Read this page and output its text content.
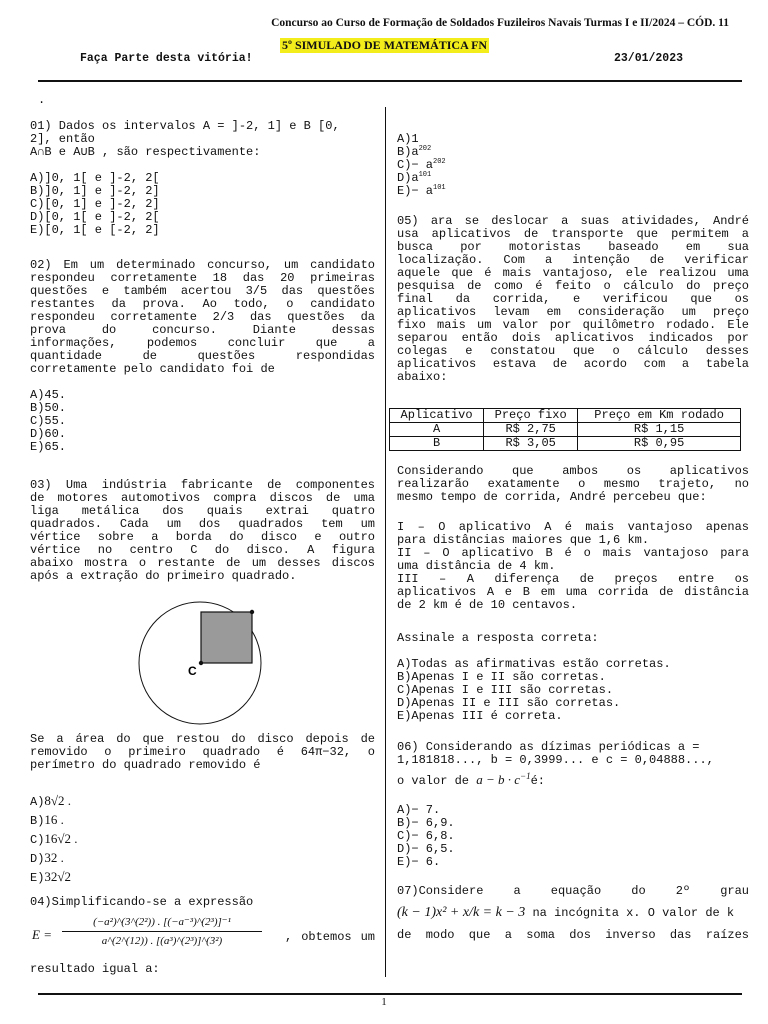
Concurso ao Curso de Formação de Soldados Fuzileiros Navais Turmas I e II/2024 – CÓD. 11
5º SIMULADO DE MATEMÁTICA FN
Faça Parte desta vitória!	23/01/2023
.

01) Dados os intervalos A = ]-2, 1] e B [0,

2], então

A∩B e A∪B , são respectivamente:

A)]0, 1[ e ]-2, 2[

B)]0, 1] e ]-2, 2]

C)[0, 1] e ]-2, 2]

D)[0, 1[ e ]-2, 2[

E)[0, 1[ e [-2, 2]

02) Em um determinado concurso, um candidato

respondeu corretamente 18 das 20 primeiras

questões e também acertou 3/5 das questões

restantes da prova. Ao todo, o candidato

respondeu corretamente 2/3 das questões da

prova do concurso. Diante dessas

informações, podemos concluir que a

quantidade de questões respondidas

corretamente pelo candidato foi de

A)45.

B)50.

C)55.

D)60.

E)65.

03) Uma indústria fabricante de componentes

de motores automotivos compra discos de uma

liga metálica dos quais extrai quatro

quadrados. Cada um dos quadrados tem um

vértice sobre a borda do disco e outro

vértice no centro C do disco. A figura

abaixo mostra o restante de um desses discos

após a extração do primeiro quadrado.

C

Se a área do que restou do disco depois de

removido o primeiro quadrado é 64π−32, o

perímetro do quadrado removido é

A)8√2 .

B)16 .

C)16√2 .

D)32 .

E)32√2

04)Simplificando-se a expressão

E =
(−a²)^(3^(2²)) . [(−a⁻³)^(2³)]⁻¹
a^(2^(12)) . [(a³)^(2³)]^(3²)	, obtemos um

resultado igual a:

A)1

$B)a^{202}$

$C)- a^{202}$

$D)a^{101}$

$E)- a^{101}$

05) ara se deslocar a suas atividades, André

usa aplicativos de transporte que permitem a

busca por motoristas baseado em sua

localização. Com a intenção de verificar

aquele que é mais vantajoso, ele realizou uma

pesquisa de como é feito o cálculo do preço

final da corrida, e verificou que os

aplicativos levam em consideração um preço

fixo mais um valor por quilômetro rodado. Ele

separou então dois aplicativos indicados por

colegas e constatou que o cálculo desses

aplicativos estava de acordo com a tabela

abaixo:

Aplicativo	Preço fixo	Preço em Km rodado
A	R$ 2,75	R$ 1,15
B	R$ 3,05	R$ 0,95

Considerando que ambos os aplicativos

realizarão exatamente o mesmo trajeto, no

mesmo tempo de corrida, André percebeu que:

I – O aplicativo A é mais vantajoso apenas

para distâncias maiores que 1,6 km.

II – O aplicativo B é o mais vantajoso para

uma distância de 4 km.

III – A diferença de preços entre os

aplicativos A e B em uma corrida de distância

de 2 km é de 10 centavos.

Assinale a resposta correta:

A)Todas as afirmativas estão corretas.

B)Apenas I e II são corretas.

C)Apenas I e III são corretas.

D)Apenas II e III são corretas.

E)Apenas III é correta.

06) Considerando as dízimas periódicas a =

1,181818..., b = 0,3999... e c = 0,04888...,

o valor de $a - b \cdot c^{-1}é$:

A)− 7.

B)− 6,9.

C)− 6,8.

D)− 6,5.

E)− 6.

07)Considere a equação do 2º grau

(k − 1)x² + x/k = k − 3 na incógnita x. O valor de k

de modo que a soma dos inverso das raízes

1
